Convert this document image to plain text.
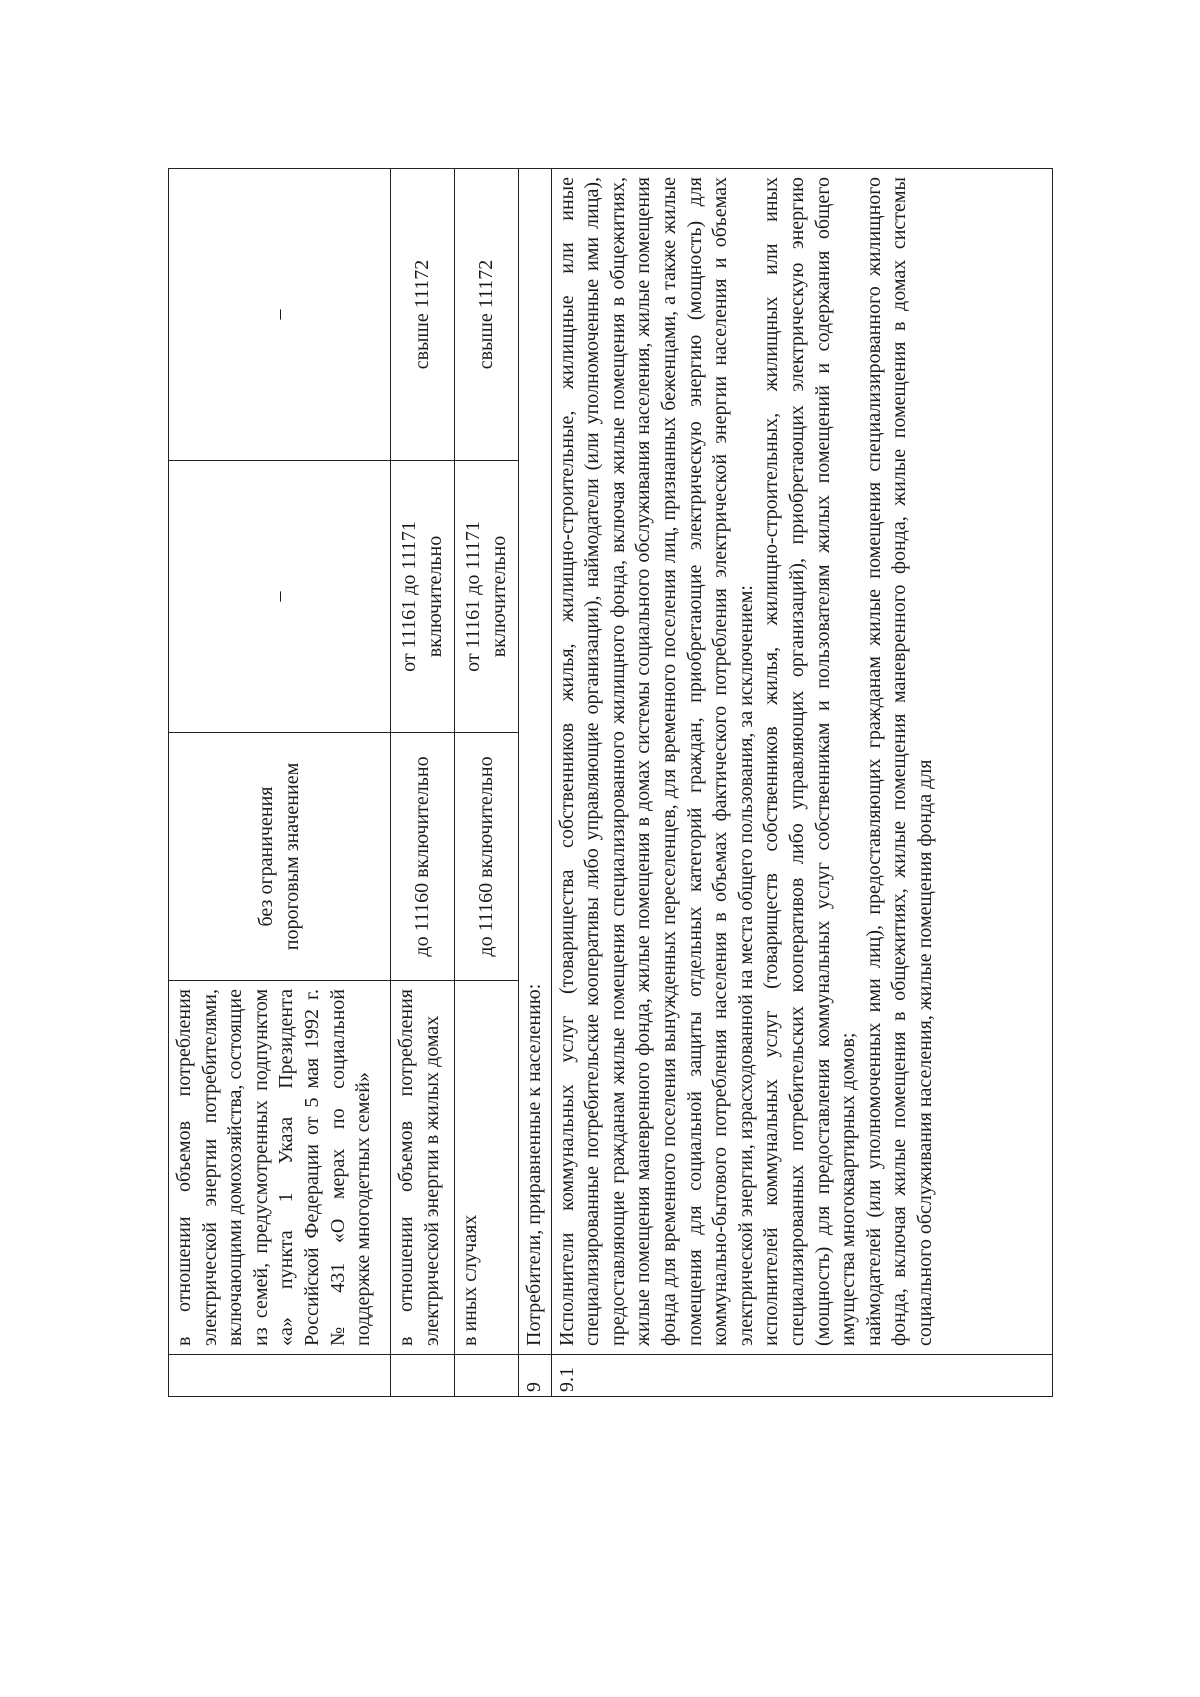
	в отношении объемов потребления электрической энергии потребителями, включающими домохозяйства, состоящие из семей, предусмотренных подпунктом «а» пункта 1 Указа Президента Российской Федерации от 5 мая 1992 г. № 431 «О мерах по социальной поддержке многодетных семей»	без ограничения пороговым значением	–	–
	в отношении объемов потребления электрической энергии в жилых домах	до 11160 включительно	от 11161 до 11171 включительно	свыше 11172
	в иных случаях	до 11160 включительно	от 11161 до 11171 включительно	свыше 11172
9	Потребители, приравненные к населению:			
9.1	Исполнители коммунальных услуг (товарищества собственников жилья, жилищно-строительные, жилищные или иные специализированные потребительские кооперативы либо управляющие организации), наймодатели (или уполномоченные ими лица), предоставляющие гражданам жилые помещения специализированного жилищного фонда, включая жилые помещения в общежитиях, жилые помещения маневренного фонда, жилые помещения в домах системы социального обслуживания населения, жилые помещения фонда для временного поселения вынужденных переселенцев, для временного поселения лиц, признанных беженцами, а также жилые помещения для социальной защиты отдельных категорий граждан, приобретающие электрическую энергию (мощность) для коммунально-бытового потребления населения в объемах фактического потребления электрической энергии населения и объемах электрической энергии, израсходованной на места общего пользования, за исключением: исполнителей коммунальных услуг (товариществ собственников жилья, жилищно-строительных, жилищных или иных специализированных потребительских кооперативов либо управляющих организаций), приобретающих электрическую энергию (мощность) для предоставления коммунальных услуг собственникам и пользователям жилых помещений и содержания общего имущества многоквартирных домов; наймодателей (или уполномоченных ими лиц), предоставляющих гражданам жилые помещения специализированного жилищного фонда, включая жилые помещения в общежитиях, жилые помещения маневренного фонда, жилые помещения в домах системы социального обслуживания населения, жилые помещения фонда для			
